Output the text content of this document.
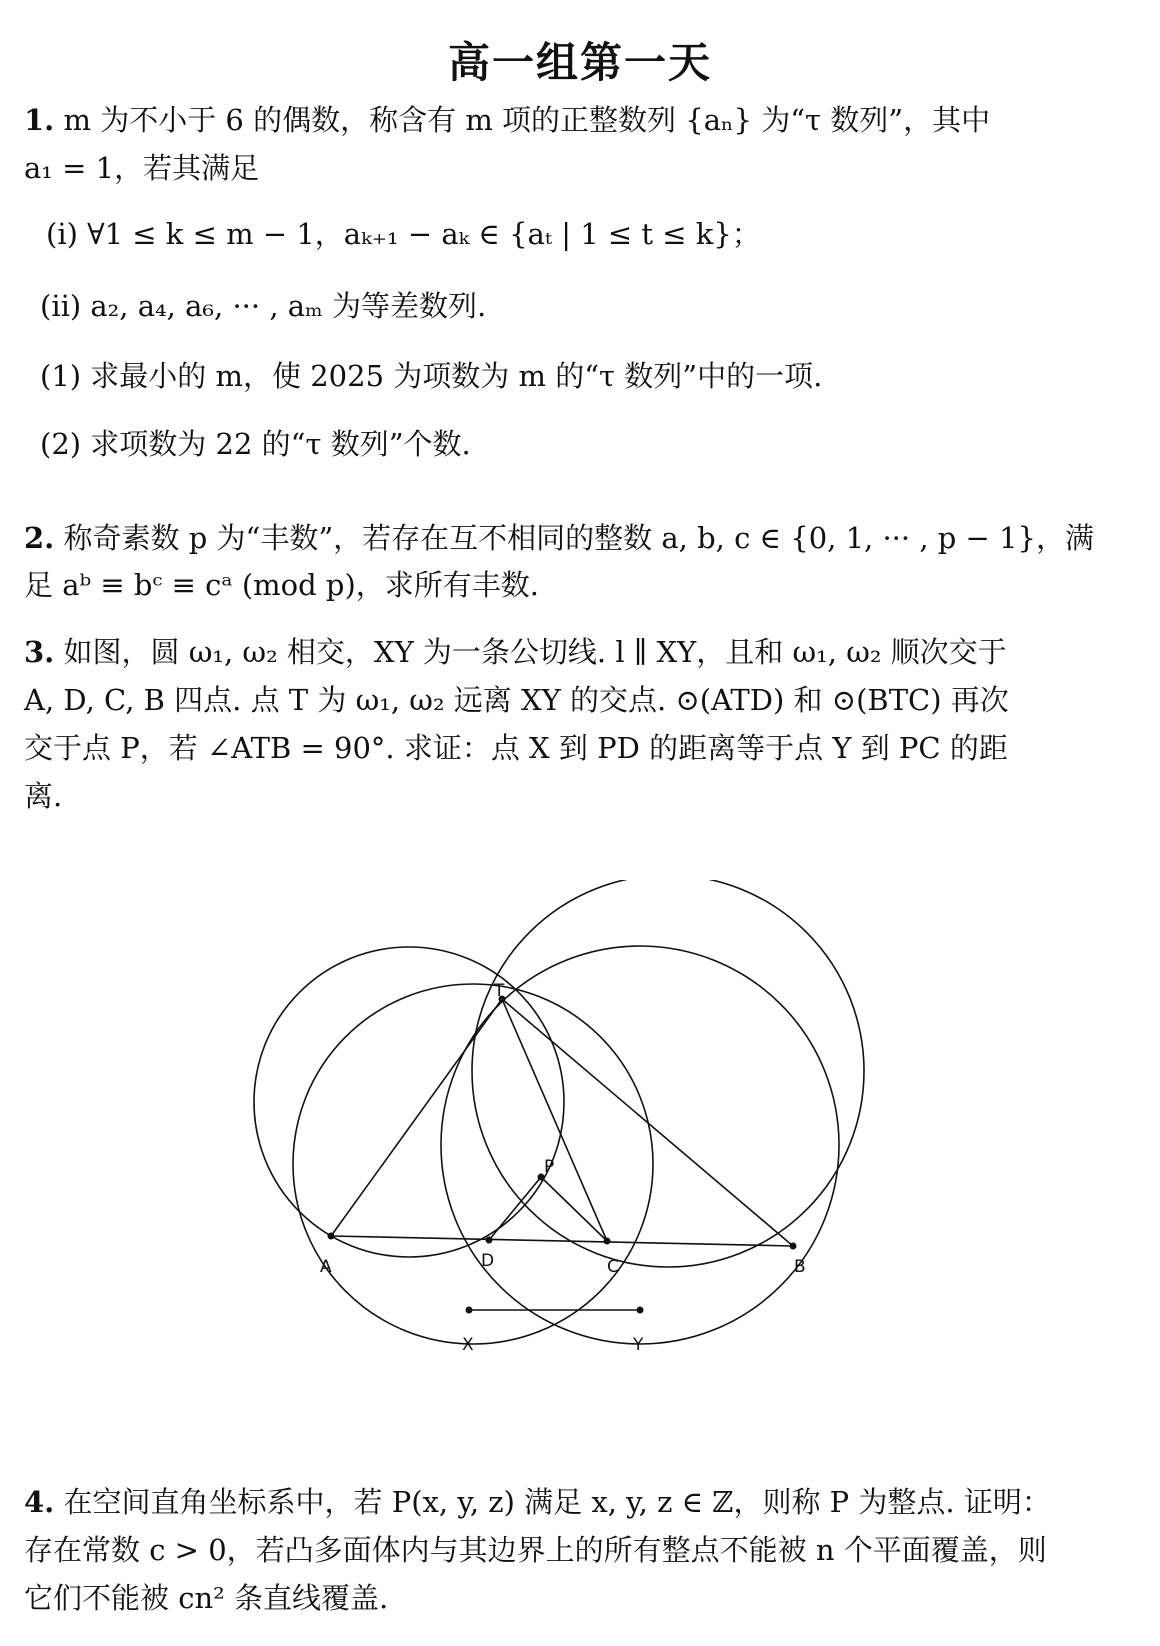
高一组第一天
1. m 为不小于 6 的偶数，称含有 m 项的正整数列 {aₙ} 为“τ 数列”，其中
a₁ = 1，若其满足
(i) ∀1 ≤ k ≤ m − 1，aₖ₊₁ − aₖ ∈ {aₜ | 1 ≤ t ≤ k}；
(ii) a₂, a₄, a₆, ··· , aₘ 为等差数列.
(1) 求最小的 m，使 2025 为项数为 m 的“τ 数列”中的一项.
(2) 求项数为 22 的“τ 数列”个数.
2. 称奇素数 p 为“丰数”，若存在互不相同的整数 a, b, c ∈ {0, 1, ··· , p − 1}，满
足 aᵇ ≡ bᶜ ≡ cᵃ (mod p)，求所有丰数.
3. 如图，圆 ω₁, ω₂ 相交，XY 为一条公切线. l ∥ XY，且和 ω₁, ω₂ 顺次交于
A, D, C, B 四点. 点 T 为 ω₁, ω₂ 远离 XY 的交点. ⊙(ATD) 和 ⊙(BTC) 再次
交于点 P，若 ∠ATB = 90°. 求证：点 X 到 PD 的距离等于点 Y 到 PC 的距
离.
T
P
A	D	C	B
X	Y
4. 在空间直角坐标系中，若 P(x, y, z) 满足 x, y, z ∈ ℤ，则称 P 为整点. 证明：
存在常数 c > 0，若凸多面体内与其边界上的所有整点不能被 n 个平面覆盖，则
它们不能被 cn² 条直线覆盖.
